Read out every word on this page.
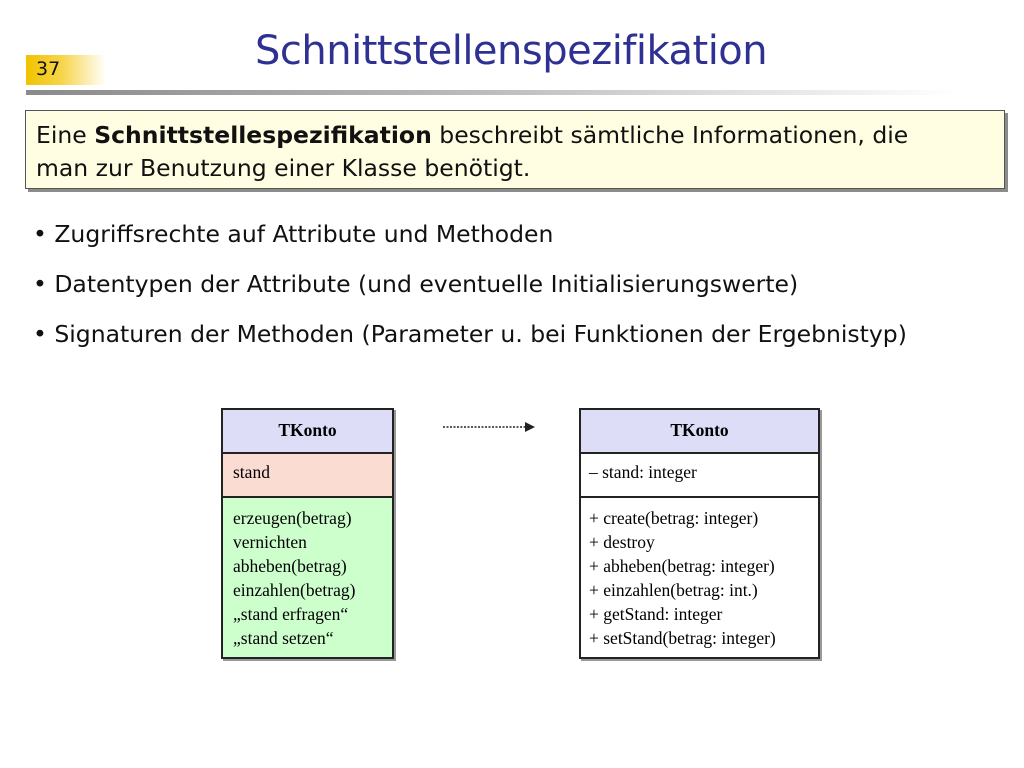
37	Schnittstellenspezifikation
Eine Schnittstellespezifikation beschreibt sämtliche Informationen, die
man zur Benutzung einer Klasse benötigt.
• Zugriffsrechte auf Attribute und Methoden
• Datentypen der Attribute (und eventuelle Initialisierungswerte)
• Signaturen der Methoden (Parameter u. bei Funktionen der Ergebnistyp)
TKonto
stand
erzeugen(betrag)
vernichten
abheben(betrag)
einzahlen(betrag)
„stand erfragen“
„stand setzen“
TKonto
– stand: integer
+ create(betrag: integer)
+ destroy
+ abheben(betrag: integer)
+ einzahlen(betrag: int.)
+ getStand: integer
+ setStand(betrag: integer)
